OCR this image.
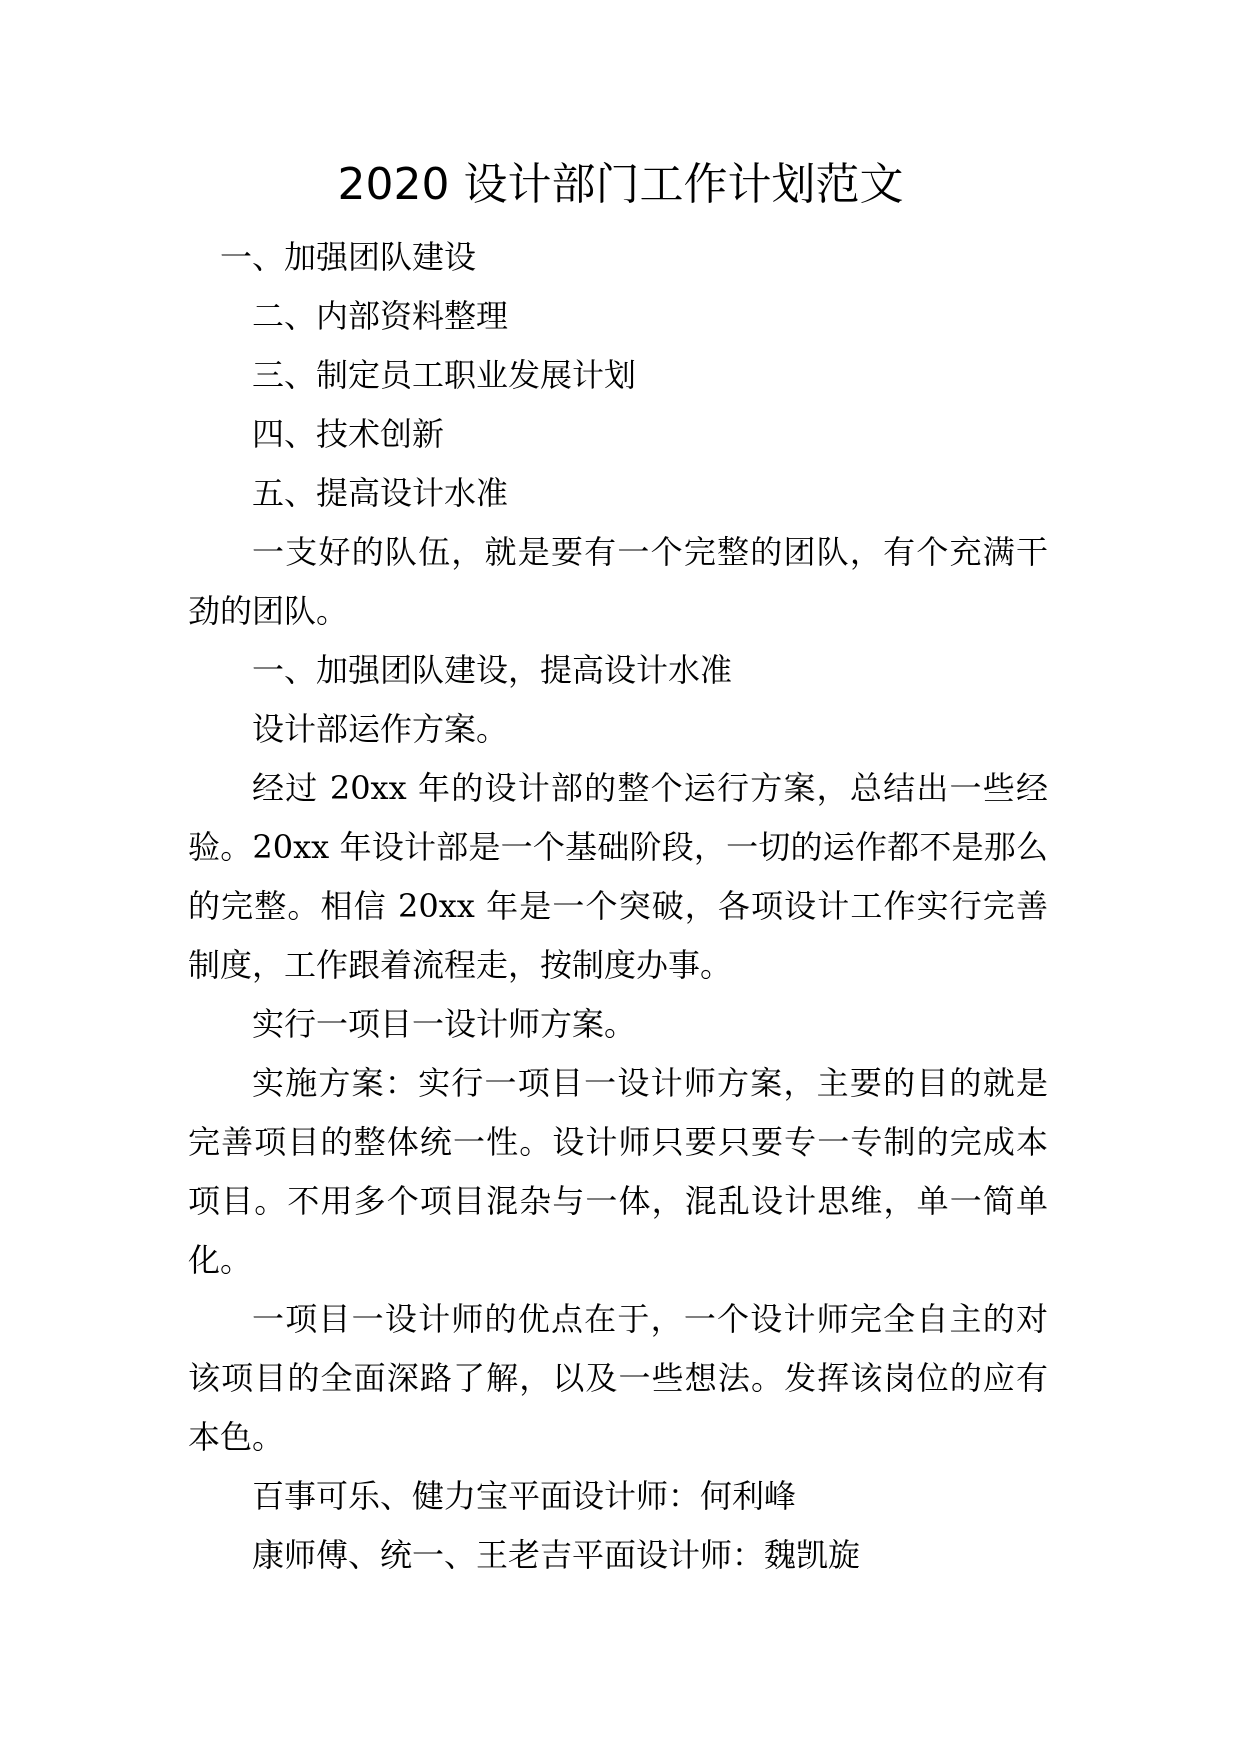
2020 设计部门工作计划范文

一、加强团队建设

二、内部资料整理

三、制定员工职业发展计划

四、技术创新

五、提高设计水准

一支好的队伍，就是要有一个完整的团队，有个充满干劲的团队。

一、加强团队建设，提高设计水准

设计部运作方案。

经过 20xx 年的设计部的整个运行方案，总结出一些经验。20xx 年设计部是一个基础阶段，一切的运作都不是那么的完整。相信 20xx 年是一个突破，各项设计工作实行完善制度，工作跟着流程走，按制度办事。

实行一项目一设计师方案。

实施方案：实行一项目一设计师方案，主要的目的就是完善项目的整体统一性。设计师只要只要专一专制的完成本项目。不用多个项目混杂与一体，混乱设计思维，单一简单化。

一项目一设计师的优点在于，一个设计师完全自主的对该项目的全面深路了解，以及一些想法。发挥该岗位的应有本色。

百事可乐、健力宝平面设计师：何利峰

康师傅、统一、王老吉平面设计师：魏凯旋
